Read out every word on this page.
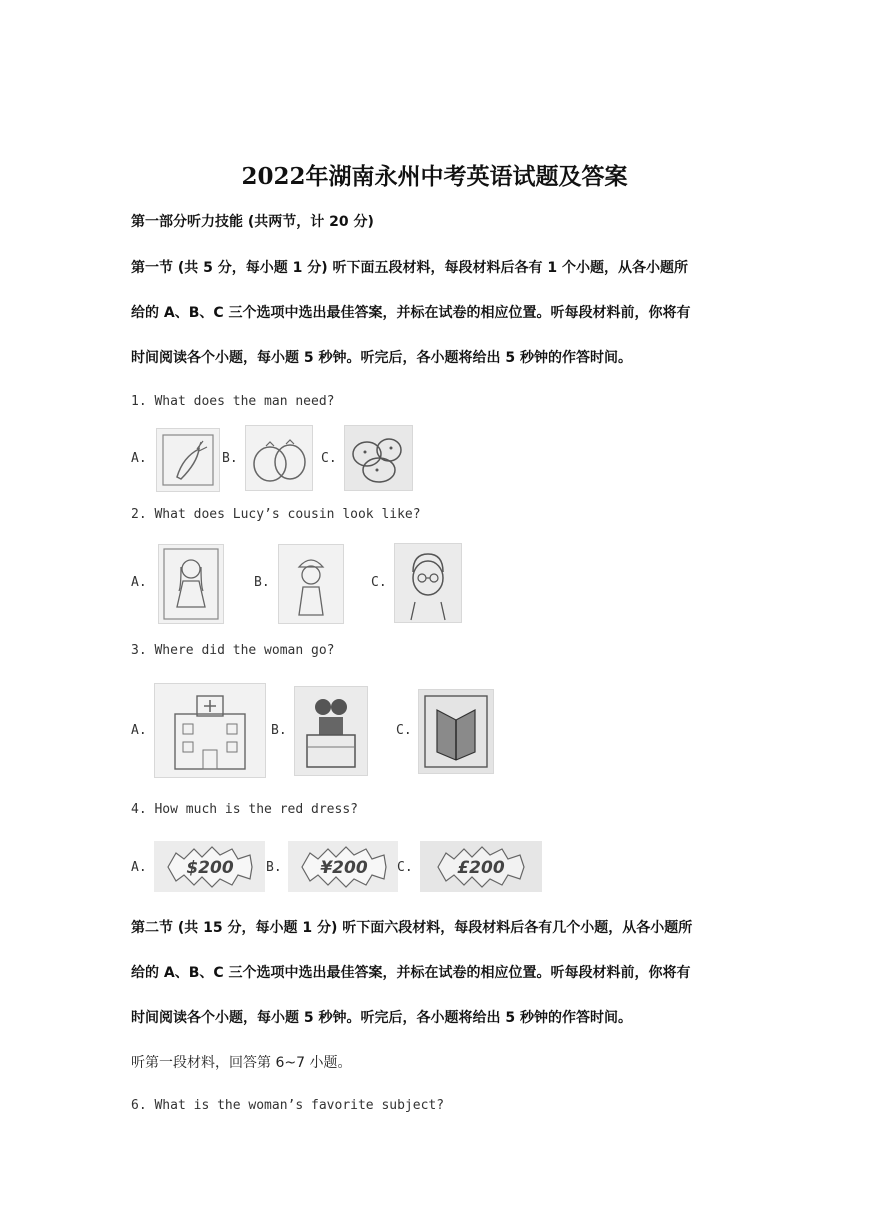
2022年湖南永州中考英语试题及答案
第一部分听力技能 (共两节，计 20 分)
第一节 (共 5 分，每小题 1 分) 听下面五段材料，每段材料后各有 1 个小题，从各小题所
给的 A、B、C 三个选项中选出最佳答案，并标在试卷的相应位置。听每段材料前，你将有
时间阅读各个小题，每小题 5 秒钟。听完后，各小题将给出 5 秒钟的作答时间。
1. What does the man need?
A.	B.	C.
2. What does Lucy’s cousin look like?
A.	B.	C.
3. Where did the woman go?
A.	B.	C.
4. How much is the red dress?
A. $200 B. ¥200 C.	£200
第二节 (共 15 分，每小题 1 分) 听下面六段材料，每段材料后各有几个小题，从各小题所
给的 A、B、C 三个选项中选出最佳答案，并标在试卷的相应位置。听每段材料前，你将有
时间阅读各个小题，每小题 5 秒钟。听完后，各小题将给出 5 秒钟的作答时间。
听第一段材料，回答第 6~7 小题。
6. What is the woman’s favorite subject?
